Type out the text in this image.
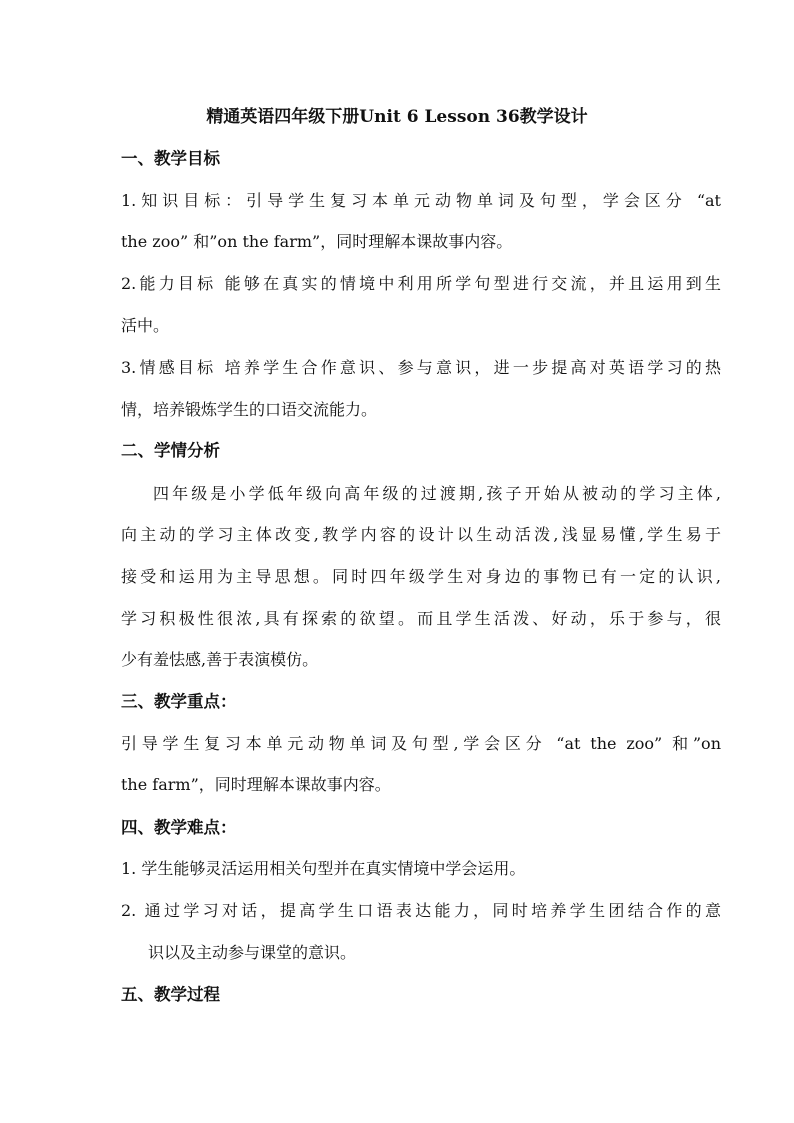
精通英语四年级下册Unit 6 Lesson 36教学设计
一、教学目标
1.知识目标：引导学生复习本单元动物单词及句型，学会区分 “at
the zoo” 和”on the farm”，同时理解本课故事内容。
2.能力目标 能够在真实的情境中利用所学句型进行交流，并且运用到生
活中。
3.情感目标 培养学生合作意识、参与意识，进一步提高对英语学习的热
情，培养锻炼学生的口语交流能力。
二、学情分析
四年级是小学低年级向高年级的过渡期,孩子开始从被动的学习主体,
向主动的学习主体改变,教学内容的设计以生动活泼,浅显易懂,学生易于
接受和运用为主导思想。同时四年级学生对身边的事物已有一定的认识,
学习积极性很浓,具有探索的欲望。而且学生活泼、好动，乐于参与，很
少有羞怯感,善于表演模仿。
三、教学重点：
引导学生复习本单元动物单词及句型,学会区分 “at the zoo” 和”on
the farm”，同时理解本课故事内容。
四、教学难点：
1. 学生能够灵活运用相关句型并在真实情境中学会运用。
2. 通过学习对话，提高学生口语表达能力，同时培养学生团结合作的意
识以及主动参与课堂的意识。
五、教学过程
